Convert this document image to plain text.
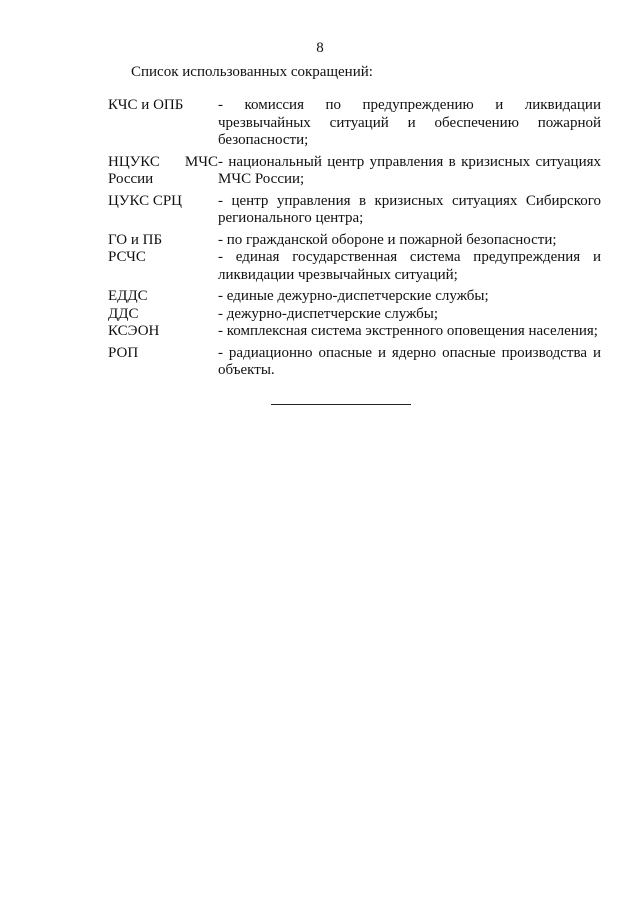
8
Список использованных сокращений:
КЧС и ОПБ	- комиссия по предупреждению и ликвидации чрезвычайных ситуаций и обеспечению пожарной безопасности;
НЦУКС МЧС России	- национальный центр управления в кризисных ситуациях МЧС России;
ЦУКС СРЦ	- центр управления в кризисных ситуациях Сибирского регионального центра;
ГО и ПБ	- по гражданской обороне и пожарной безопасности;
РСЧС	- единая государственная система предупреждения и ликвидации чрезвычайных ситуаций;
ЕДДС	- единые дежурно-диспетчерские службы;
ДДС	- дежурно-диспетчерские службы;
КСЭОН	- комплексная система экстренного оповещения населения;
РОП	- радиационно опасные и ядерно опасные производства и объекты.
